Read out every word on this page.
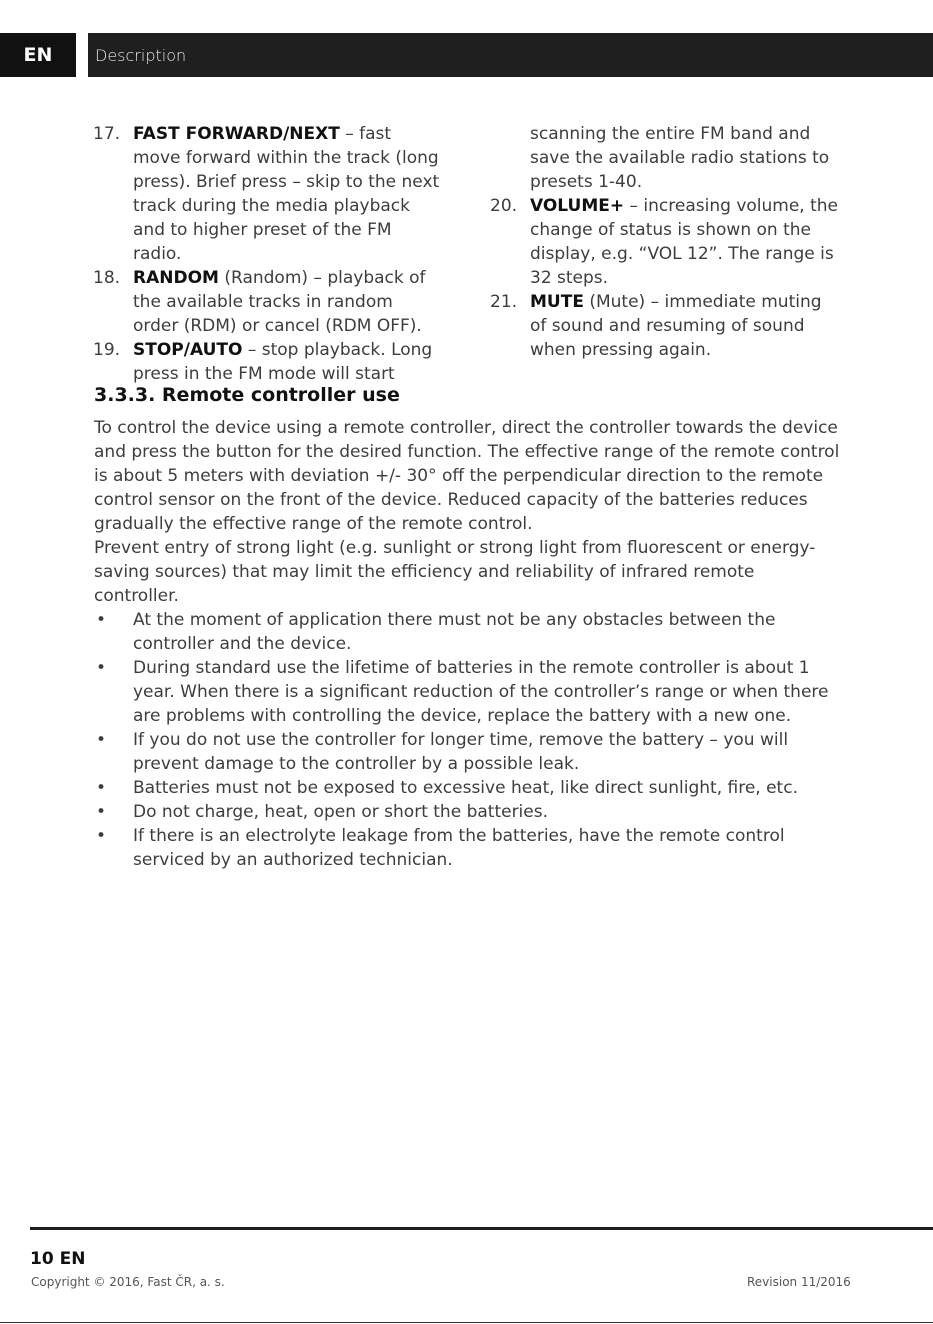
EN	Description
17. FAST FORWARD/NEXT – fast move forward within the track (long press). Brief press – skip to the next track during the media playback and to higher preset of the FM radio.
18. RANDOM (Random) – playback of the available tracks in random order (RDM) or cancel (RDM OFF).
19. STOP/AUTO – stop playback. Long press in the FM mode will start
scanning the entire FM band and save the available radio stations to presets 1-40.
20. VOLUME+ – increasing volume, the change of status is shown on the display, e.g. “VOL 12”. The range is 32 steps.
21. MUTE (Mute) – immediate muting of sound and resuming of sound when pressing again.
3.3.3. Remote controller use

To control the device using a remote controller, direct the controller towards the device and press the button for the desired function. The effective range of the remote control is about 5 meters with deviation +/- 30° off the perpendicular direction to the remote control sensor on the front of the device. Reduced capacity of the batteries reduces gradually the effective range of the remote control.

Prevent entry of strong light (e.g. sunlight or strong light from fluorescent or energy-saving sources) that may limit the efficiency and reliability of infrared remote controller.

• At the moment of application there must not be any obstacles between the controller and the device.
• During standard use the lifetime of batteries in the remote controller is about 1 year. When there is a significant reduction of the controller’s range or when there are problems with controlling the device, replace the battery with a new one.
• If you do not use the controller for longer time, remove the battery – you will prevent damage to the controller by a possible leak.
• Batteries must not be exposed to excessive heat, like direct sunlight, fire, etc.
• Do not charge, heat, open or short the batteries.
• If there is an electrolyte leakage from the batteries, have the remote control serviced by an authorized technician.
10 EN
Copyright © 2016, Fast ČR, a. s.	Revision 11/2016
